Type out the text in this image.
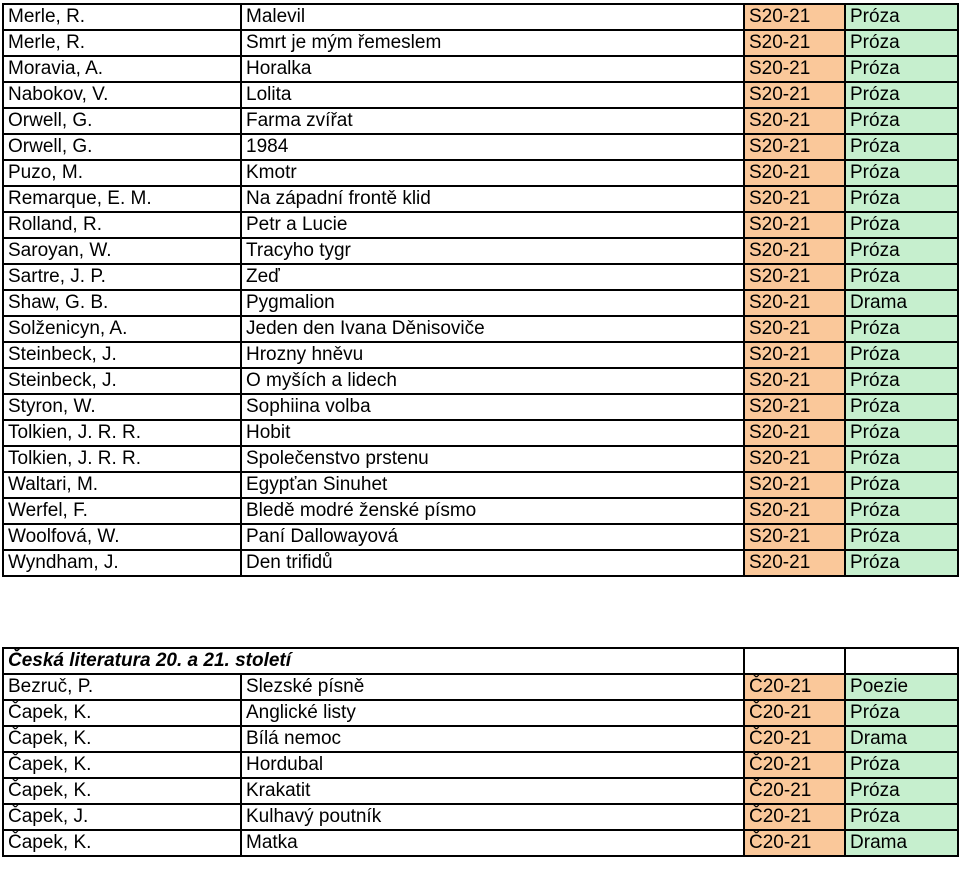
Merle, R.	Malevil	S20-21	Próza
Merle, R.	Smrt je mým řemeslem	S20-21	Próza
Moravia, A.	Horalka	S20-21	Próza
Nabokov, V.	Lolita	S20-21	Próza
Orwell, G.	Farma zvířat	S20-21	Próza
Orwell, G.	1984	S20-21	Próza
Puzo, M.	Kmotr	S20-21	Próza
Remarque, E. M.	Na západní frontě klid	S20-21	Próza
Rolland, R.	Petr a Lucie	S20-21	Próza
Saroyan, W.	Tracyho tygr	S20-21	Próza
Sartre, J. P.	Zeď	S20-21	Próza
Shaw, G. B.	Pygmalion	S20-21	Drama
Solženicyn, A.	Jeden den Ivana Děnisoviče	S20-21	Próza
Steinbeck, J.	Hrozny hněvu	S20-21	Próza
Steinbeck, J.	O myších a lidech	S20-21	Próza
Styron, W.	Sophiina volba	S20-21	Próza
Tolkien, J. R. R.	Hobit	S20-21	Próza
Tolkien, J. R. R.	Společenstvo prstenu	S20-21	Próza
Waltari, M.	Egypťan Sinuhet	S20-21	Próza
Werfel, F.	Bledě modré ženské písmo	S20-21	Próza
Woolfová, W.	Paní Dallowayová	S20-21	Próza
Wyndham, J.	Den trifidů	S20-21	Próza
Česká literatura 20. a 21. století			
Bezruč, P.	Slezské písně	Č20-21	Poezie
Čapek, K.	Anglické listy	Č20-21	Próza
Čapek, K.	Bílá nemoc	Č20-21	Drama
Čapek, K.	Hordubal	Č20-21	Próza
Čapek, K.	Krakatit	Č20-21	Próza
Čapek, J.	Kulhavý poutník	Č20-21	Próza
Čapek, K.	Matka	Č20-21	Drama
